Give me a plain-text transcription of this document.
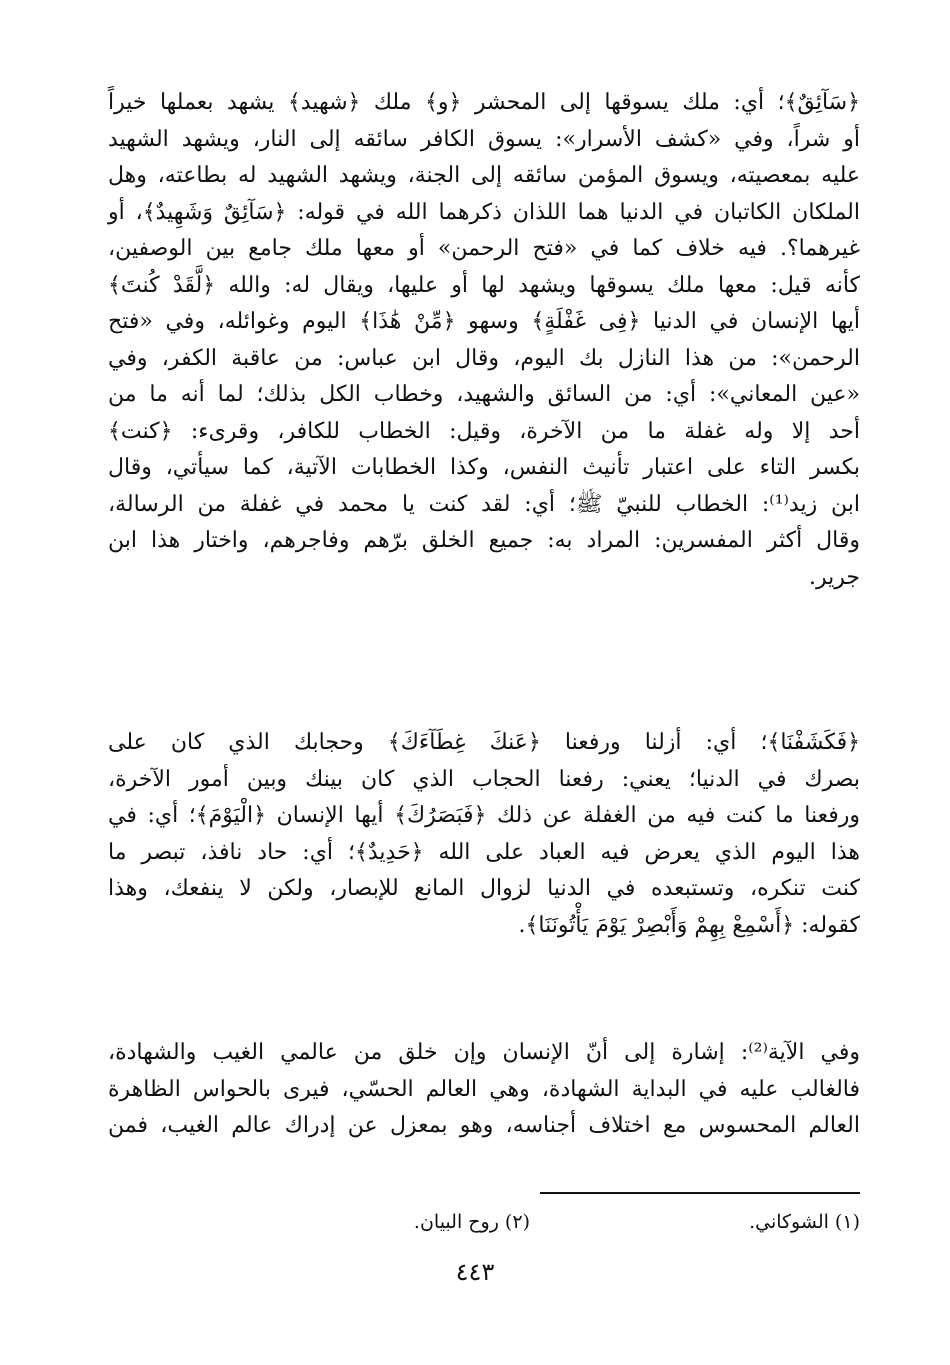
﴿سَآئِقٌ﴾؛ أي: ملك يسوقها إلى المحشر ﴿و﴾ ملك ﴿شهيد﴾ يشهد بعملها خيراً
أو شراً، وفي «كشف الأسرار»: يسوق الكافر سائقه إلى النار، ويشهد الشهيد
عليه بمعصيته، ويسوق المؤمن سائقه إلى الجنة، ويشهد الشهيد له بطاعته، وهل
الملكان الكاتبان في الدنيا هما اللذان ذكرهما الله في قوله: ﴿سَآئِقٌ وَشَهِيدٌ﴾، أو
غيرهما؟. فيه خلاف كما في «فتح الرحمن» أو معها ملك جامع بين الوصفين،
كأنه قيل: معها ملك يسوقها ويشهد لها أو عليها، ويقال له: والله ﴿لَّقَدْ كُنتَ﴾
أيها الإنسان في الدنيا ﴿فِى غَفْلَةٍ﴾ وسهو ﴿مِّنْ هَٰذَا﴾ اليوم وغوائله، وفي «فتح
الرحمن»: من هذا النازل بك اليوم، وقال ابن عباس: من عاقبة الكفر، وفي
«عين المعاني»: أي: من السائق والشهيد، وخطاب الكل بذلك؛ لما أنه ما من
أحد إلا وله غفلة ما من الآخرة، وقيل: الخطاب للكافر، وقرىء: ﴿كنت﴾
بكسر التاء على اعتبار تأنيث النفس، وكذا الخطابات الآتية، كما سيأتي، وقال
ابن زيد⁽¹⁾: الخطاب للنبيّ ﷺ؛ أي: لقد كنت يا محمد في غفلة من الرسالة،
وقال أكثر المفسرين: المراد به: جميع الخلق برّهم وفاجرهم، واختار هذا ابن
جرير.

﴿فَكَشَفْنَا﴾؛ أي: أزلنا ورفعنا ﴿عَنكَ غِطَآءَكَ﴾ وحجابك الذي كان على
بصرك في الدنيا؛ يعني: رفعنا الحجاب الذي كان بينك وبين أمور الآخرة،
ورفعنا ما كنت فيه من الغفلة عن ذلك ﴿فَبَصَرُكَ﴾ أيها الإنسان ﴿الْيَوْمَ﴾؛ أي: في
هذا اليوم الذي يعرض فيه العباد على الله ﴿حَدِيدٌ﴾؛ أي: حاد نافذ، تبصر ما
كنت تنكره، وتستبعده في الدنيا لزوال المانع للإبصار، ولكن لا ينفعك، وهذا
كقوله: ﴿أَسْمِعْ بِهِمْ وَأَبْصِرْ يَوْمَ يَأْتُونَنَا﴾.

وفي الآية⁽²⁾: إشارة إلى أنّ الإنسان وإن خلق من عالمي الغيب والشهادة،
فالغالب عليه في البداية الشهادة، وهي العالم الحسّي، فيرى بالحواس الظاهرة
العالم المحسوس مع اختلاف أجناسه، وهو بمعزل عن إدراك عالم الغيب، فمن

(١) الشوكاني.
(٢) روح البيان.
٤٤٣
